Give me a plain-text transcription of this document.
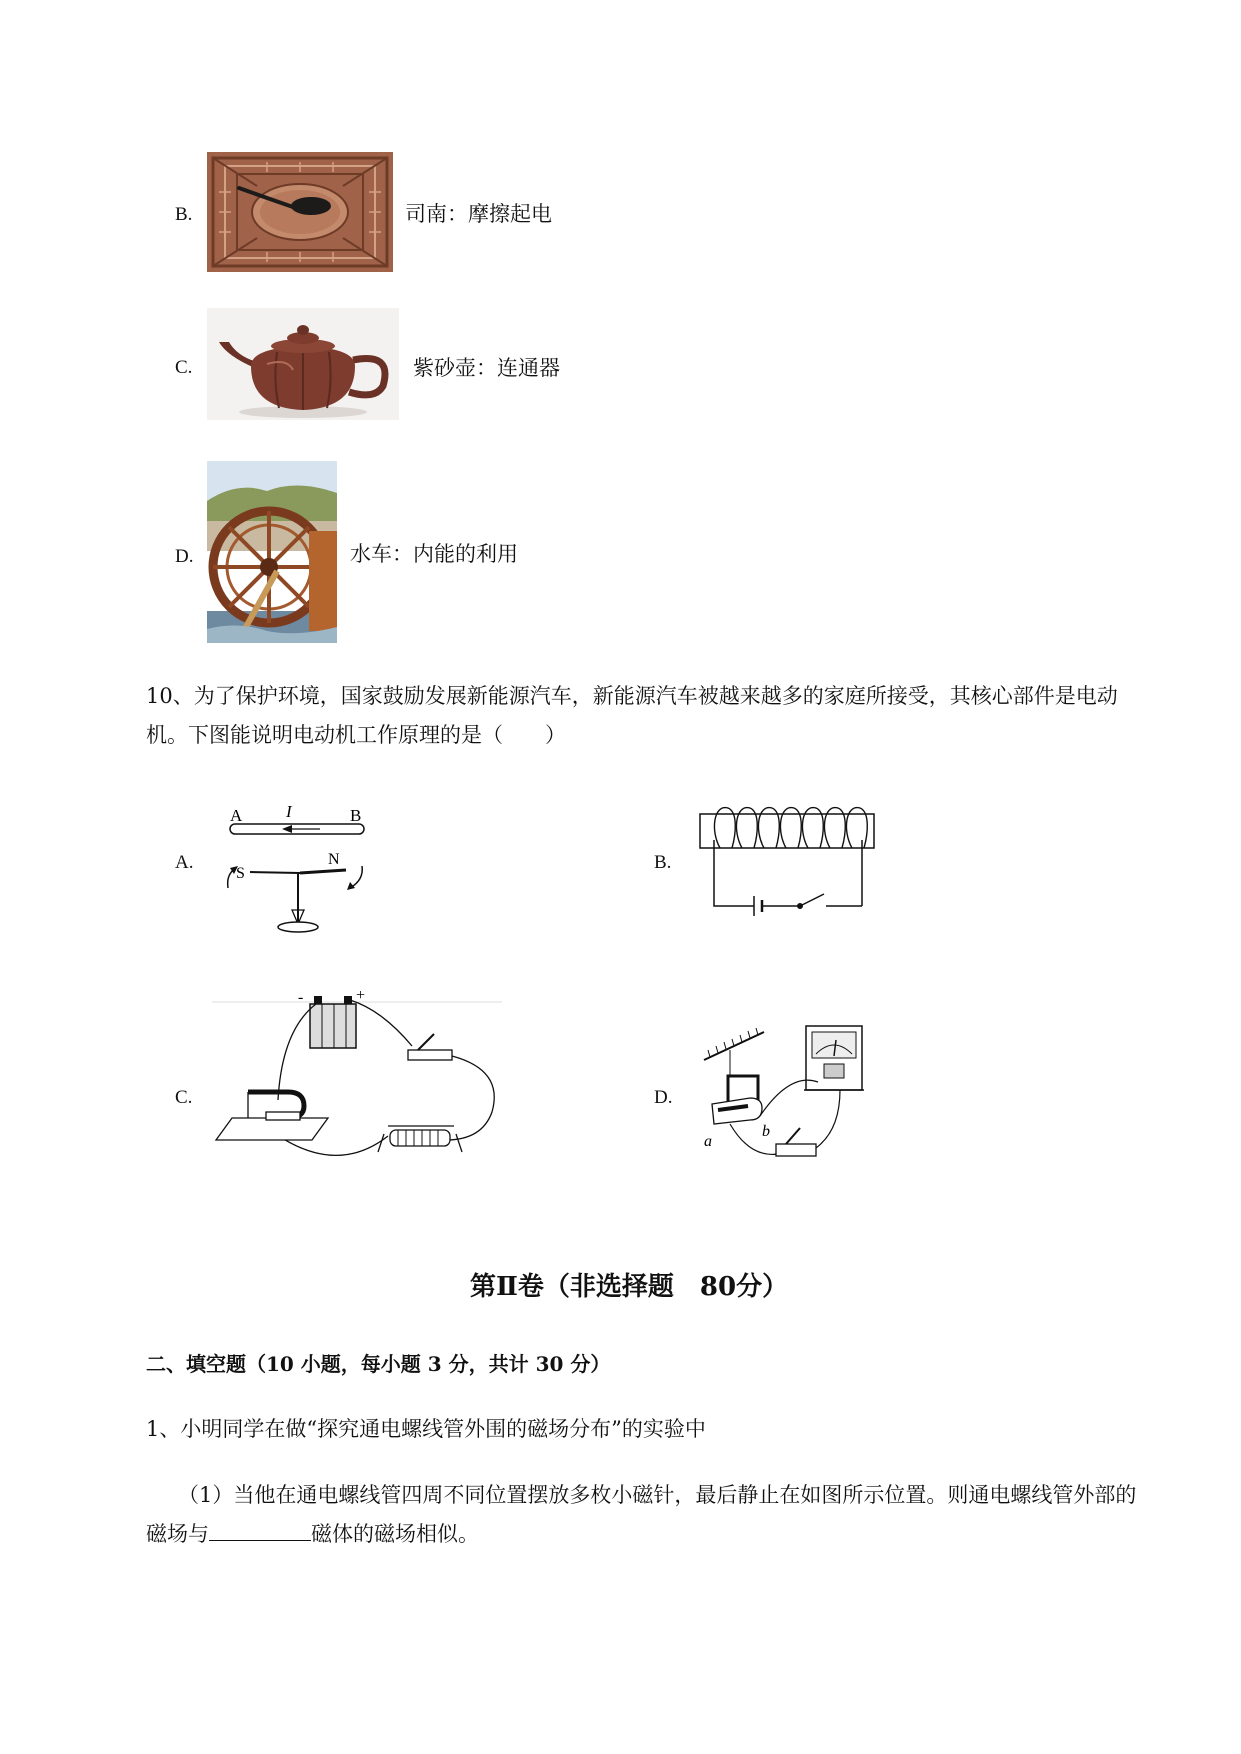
B.	司南：摩擦起电
C.	紫砂壶：连通器
D.	水车：内能的利用
10、为了保护环境，国家鼓励发展新能源汽车，新能源汽车被越来越多的家庭所接受，其核心部件是电动机。下图能说明电动机工作原理的是（　　）
A.
A	I	B
S
N	B.
C.
-	+
D.
a
b
第Ⅱ卷（非选择题　80分）
二、填空题（10 小题，每小题 3 分，共计 30 分）
1、小明同学在做“探究通电螺线管外围的磁场分布”的实验中
（1）当他在通电螺线管四周不同位置摆放多枚小磁针，最后静止在如图所示位置。则通电螺线管外部的磁场与	磁体的磁场相似。
